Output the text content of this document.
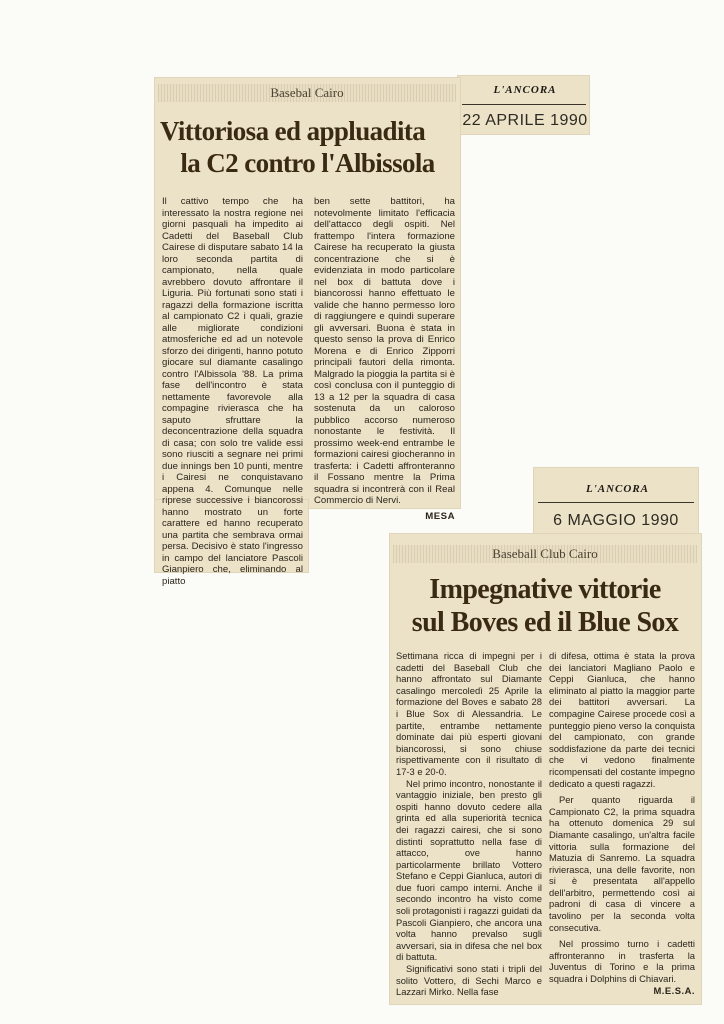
L'ANCORA
22 APRILE 1990
Basebal Cairo
Vittoriosa ed appluadita
la C2 contro l'Albissola

Il cattivo tempo che ha interessato la nostra regione nei giorni pasquali ha impedito ai Cadetti del Baseball Club Cairese di disputare sabato 14 la loro seconda partita di campionato, nella quale avrebbero dovuto affrontare il Liguria. Più fortunati sono stati i ragazzi della formazione iscritta al campionato C2 i quali, grazie alle migliorate condizioni atmosferiche ed ad un notevole sforzo dei dirigenti, hanno potuto giocare sul diamante casalingo contro l'Albissola '88. La prima fase dell'incontro è stata nettamente favorevole alla compagine rivierasca che ha saputo sfruttare la deconcentrazione della squadra di casa; con solo tre valide essi sono riusciti a segnare nei primi due innings ben 10 punti, mentre i Cairesi ne conquistavano appena 4. Comunque nelle riprese successive i biancorossi hanno mostrato un forte carattere ed hanno recuperato una partita che sembrava ormai persa. Decisivo è stato l'ingresso in campo del lanciatore Pascoli Gianpiero che, eliminando al piatto

ben sette battitori, ha notevolmente limitato l'efficacia dell'attacco degli ospiti. Nel frattempo l'intera formazione Cairese ha recuperato la giusta concentrazione che si è evidenziata in modo particolare nel box di battuta dove i biancorossi hanno effettuato le valide che hanno permesso loro di raggiungere e quindi superare gli avversari. Buona è stata in questo senso la prova di Enrico Morena e di Enrico Zipporri principali fautori della rimonta. Malgrado la pioggia la partita si è così conclusa con il punteggio di 13 a 12 per la squadra di casa sostenuta da un caloroso pubblico accorso numeroso nonostante le festività. Il prossimo week-end entrambe le formazioni cairesi giocheranno in trasferta: i Cadetti affronteranno il Fossano mentre la Prima squadra si incontrerà con il Real Commercio di Nervi.

MESA

L'ANCORA
6 MAGGIO 1990
Baseball Club Cairo
Impegnative vittorie
sul Boves ed il Blue Sox

Settimana ricca di impegni per i cadetti del Baseball Club che hanno affrontato sul Diamante casalingo mercoledì 25 Aprile la formazione del Boves e sabato 28 i Blue Sox di Alessandria. Le partite, entrambe nettamente dominate dai più esperti giovani biancorossi, si sono chiuse rispettivamente con il risultato di 17-3 e 20-0.

Nel primo incontro, nonostante il vantaggio iniziale, ben presto gli ospiti hanno dovuto cedere alla grinta ed alla superiorità tecnica dei ragazzi cairesi, che si sono distinti soprattutto nella fase di attacco, ove hanno particolarmente brillato Vottero Stefano e Ceppi Gianluca, autori di due fuori campo interni. Anche il secondo incontro ha visto come soli protagonisti i ragazzi guidati da Pascoli Gianpiero, che ancora una volta hanno prevalso sugli avversari, sia in difesa che nel box di battuta.

Significativi sono stati i tripli del solito Vottero, di Sechi Marco e Lazzari Mirko. Nella fase

di difesa, ottima è stata la prova dei lanciatori Magliano Paolo e Ceppi Gianluca, che hanno eliminato al piatto la maggior parte dei battitori avversari. La compagine Cairese procede così a punteggio pieno verso la conquista del campionato, con grande soddisfazione da parte dei tecnici che vi vedono finalmente ricompensati del costante impegno dedicato a questi ragazzi.

Per quanto riguarda il Campionato C2, la prima squadra ha ottenuto domenica 29 sul Diamante casalingo, un'altra facile vittoria sulla formazione del Matuzia di Sanremo. La squadra rivierasca, una delle favorite, non si è presentata all'appello dell'arbitro, permettendo così ai padroni di casa di vincere a tavolino per la seconda volta consecutiva.

Nel prossimo turno i cadetti affronteranno in trasferta la Juventus di Torino e la prima squadra i Dolphins di Chiavari.

M.E.S.A.
